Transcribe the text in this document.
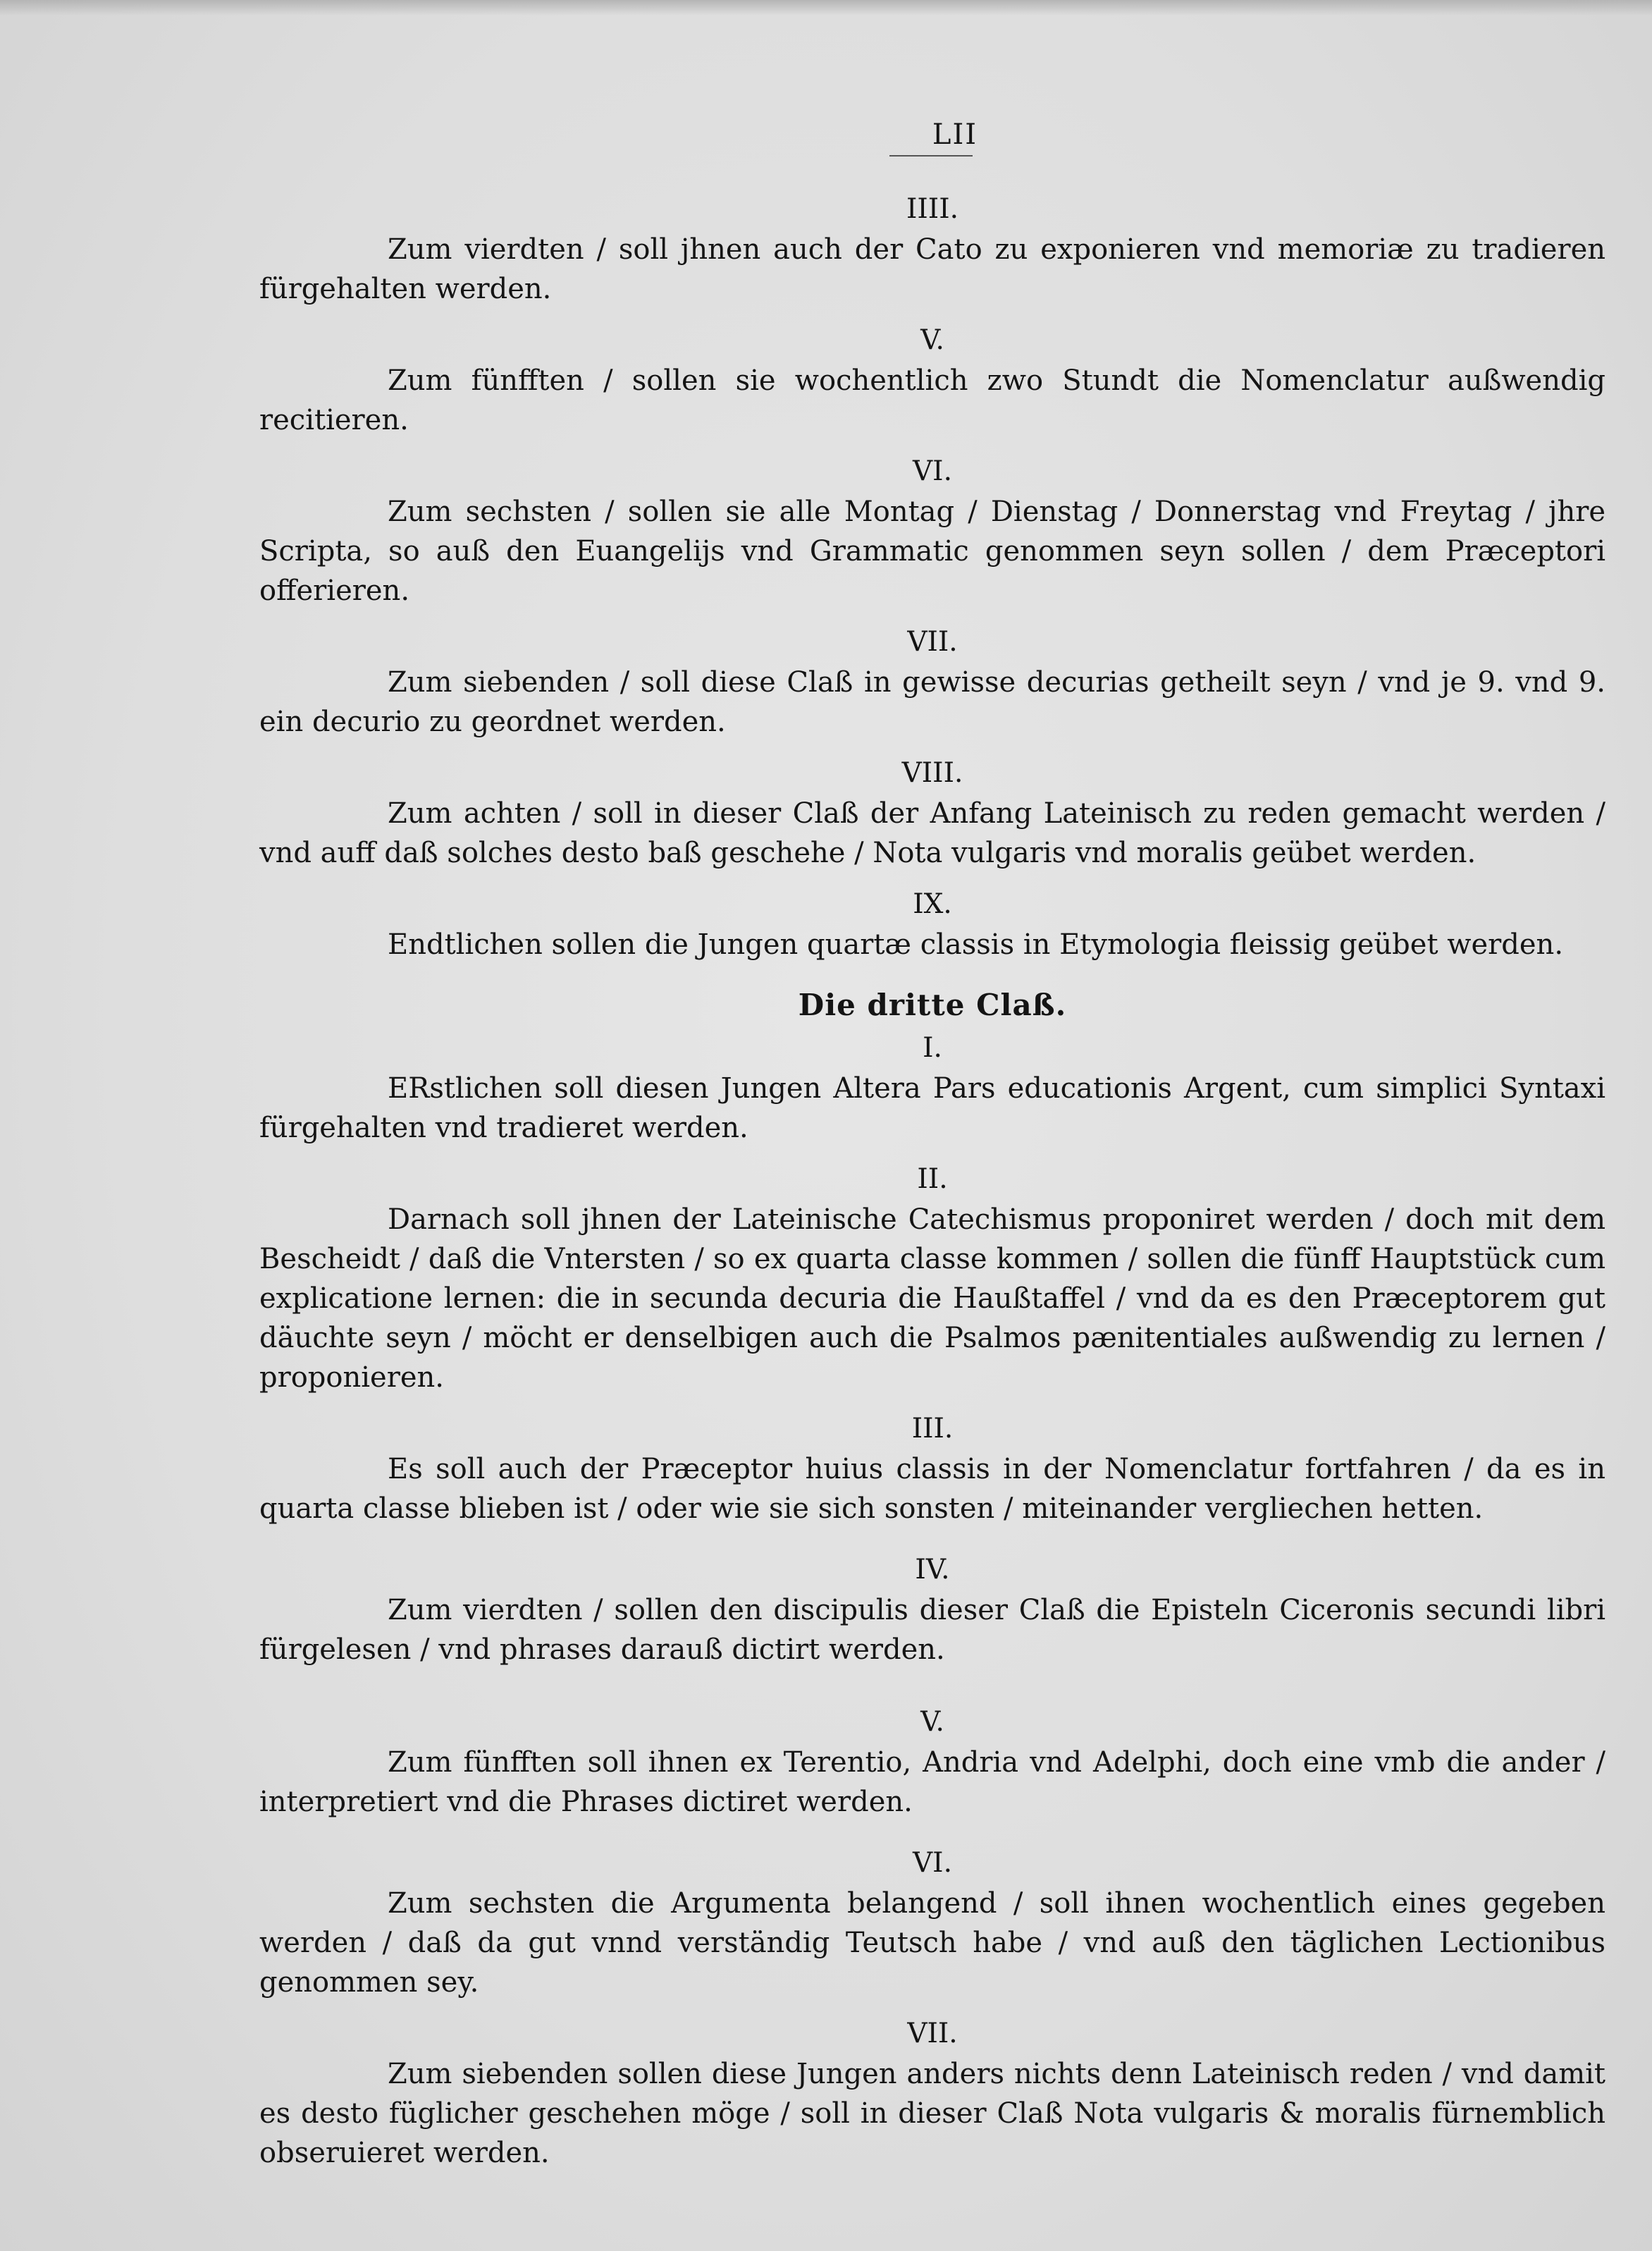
LII
IIII.

Zum vierdten / soll jhnen auch der Cato zu exponieren vnd memoriæ zu tradieren fürgehalten werden.

V.

Zum fünfften / sollen sie wochentlich zwo Stundt die Nomenclatur außwendig recitieren.

VI.

Zum sechsten / sollen sie alle Montag / Dienstag / Donnerstag vnd Freytag / jhre Scripta, so auß den Euangelijs vnd Grammatic genommen seyn sollen / dem Præceptori offerieren.

VII.

Zum siebenden / soll diese Claß in gewisse decurias getheilt seyn / vnd je 9. vnd 9. ein decurio zu geordnet werden.

VIII.

Zum achten / soll in dieser Claß der Anfang Lateinisch zu reden gemacht werden / vnd auff daß solches desto baß geschehe / Nota vulgaris vnd moralis geübet werden.

IX.

Endtlichen sollen die Jungen quartæ classis in Etymologia fleissig geübet werden.

Die dritte Claß.
I.

ERstlichen soll diesen Jungen Altera Pars educationis Argent, cum simplici Syntaxi fürgehalten vnd tradieret werden.

II.

Darnach soll jhnen der Lateinische Catechismus proponiret werden / doch mit dem Bescheidt / daß die Vntersten / so ex quarta classe kommen / sollen die fünff Hauptstück cum explicatione lernen: die in secunda decuria die Haußtaffel / vnd da es den Præceptorem gut däuchte seyn / möcht er denselbigen auch die Psalmos pænitentiales außwendig zu lernen / proponieren.

III.

Es soll auch der Præceptor huius classis in der Nomenclatur fortfahren / da es in quarta classe blieben ist / oder wie sie sich sonsten / miteinander vergliechen hetten.

IV.

Zum vierdten / sollen den discipulis dieser Claß die Episteln Ciceronis secundi libri fürgelesen / vnd phrases darauß dictirt werden.

V.

Zum fünfften soll ihnen ex Terentio, Andria vnd Adelphi, doch eine vmb die ander / interpretiert vnd die Phrases dictiret werden.

VI.

Zum sechsten die Argumenta belangend / soll ihnen wochentlich eines gegeben werden / daß da gut vnnd verständig Teutsch habe / vnd auß den täglichen Lectionibus genommen sey.

VII.

Zum siebenden sollen diese Jungen anders nichts denn Lateinisch reden / vnd damit es desto füglicher geschehen möge / soll in dieser Claß Nota vulgaris & moralis fürnemblich obseruieret werden.
